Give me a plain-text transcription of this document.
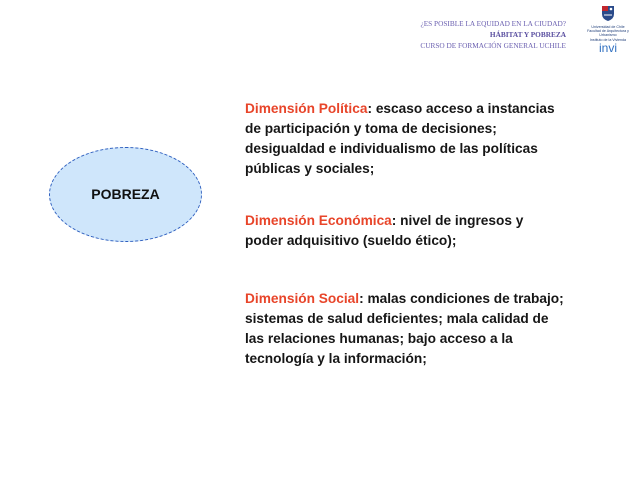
¿ES POSIBLE LA EQUIDAD EN LA CIUDAD?
HÁBITAT Y POBREZA
CURSO DE FORMACIÓN GENERAL UCHILE
Universidad de Chile
Facultad de Arquitectura y Urbanismo
Instituto de la Vivienda
invi
POBREZA
Dimensión Política: escaso acceso a instancias de participación y toma de decisiones; desigualdad e individualismo de las políticas públicas y sociales;
Dimensión Económica: nivel de ingresos y poder adquisitivo (sueldo ético);
Dimensión Social: malas condiciones de trabajo; sistemas de salud deficientes; mala calidad de las relaciones humanas; bajo acceso a la tecnología y la información;
